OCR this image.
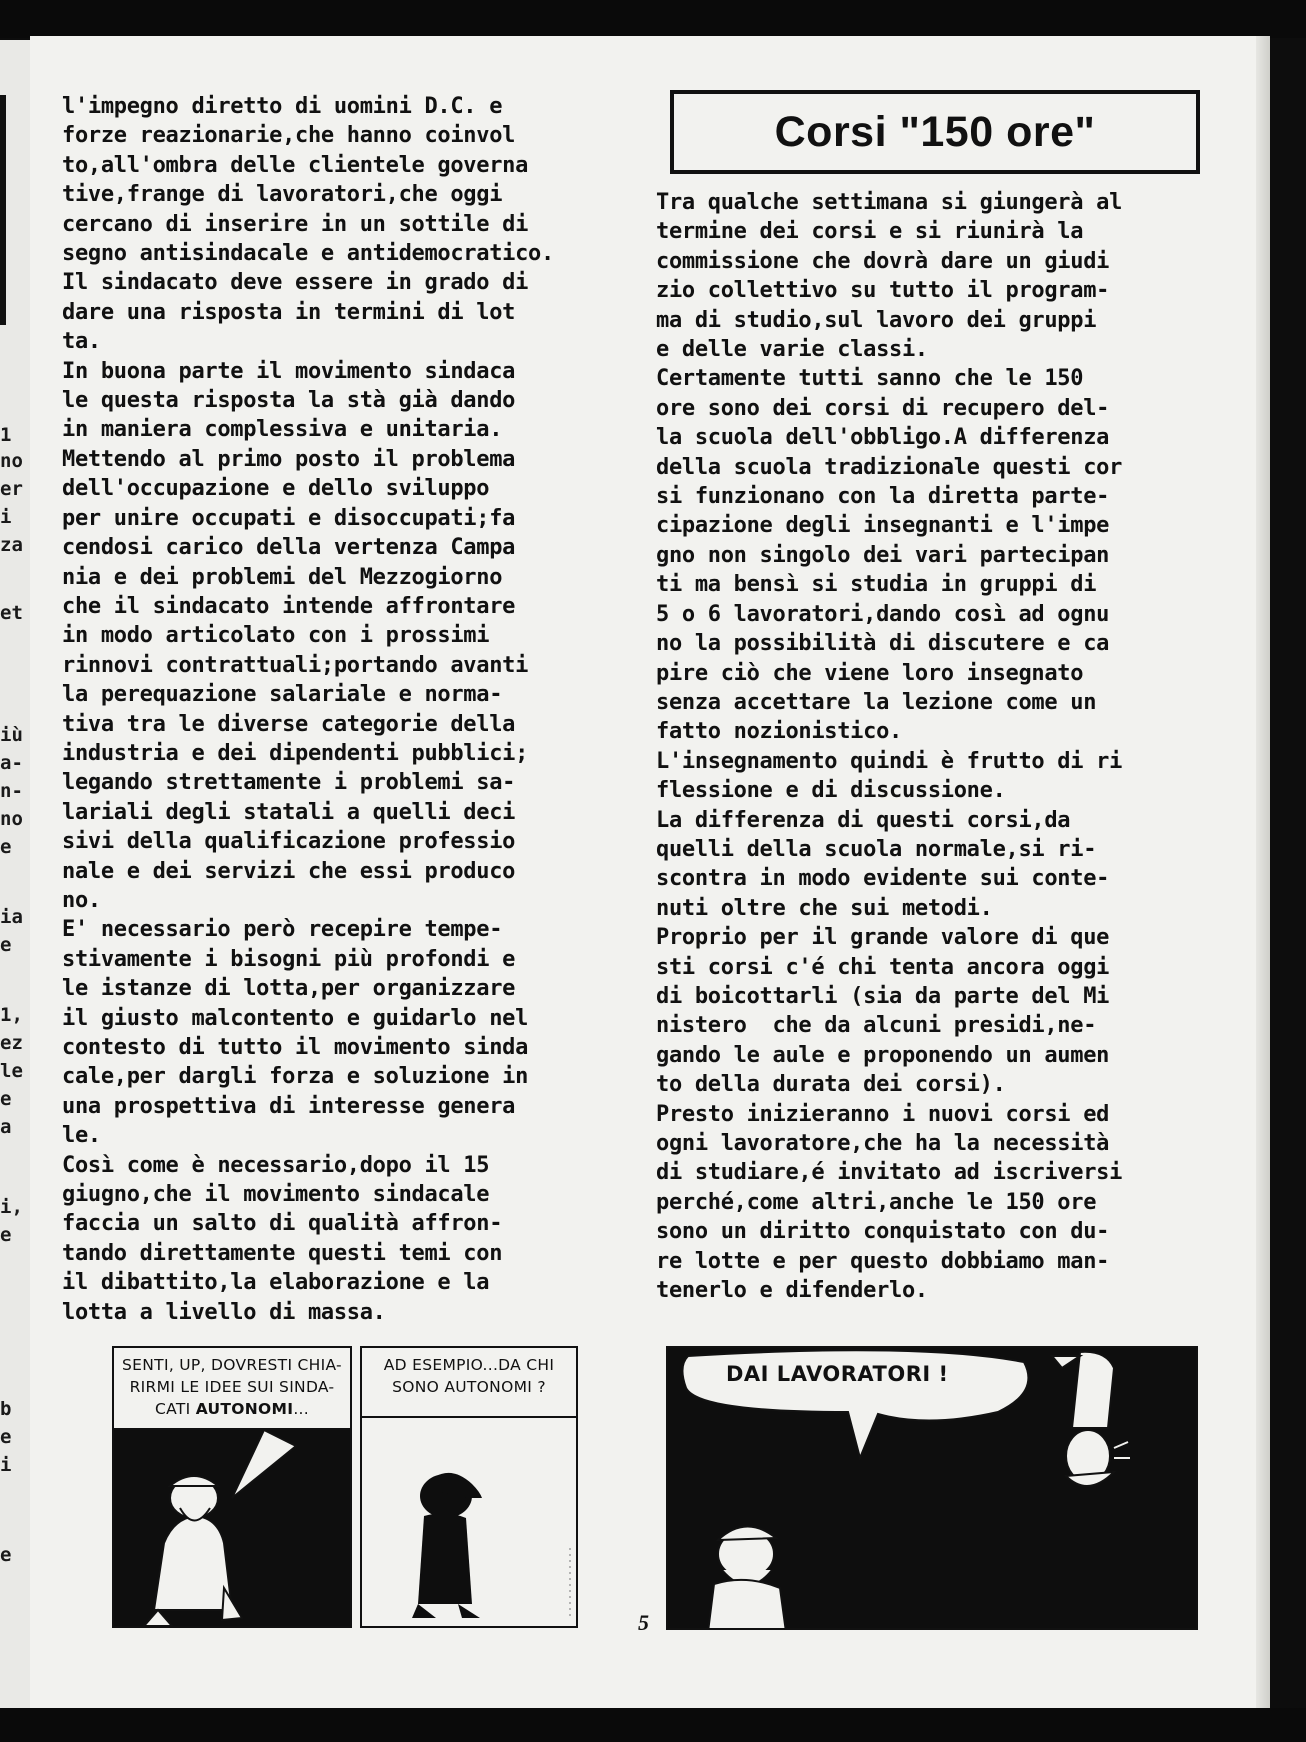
1
no
er
i
za
et
iù
a-
n-
no
e
ia
e
1,
ez
le
e
a
i,
e
b
e
i
e

l'impegno diretto di uomini D.C. e

forze reazionarie,che hanno coinvol

to,all'ombra delle clientele governa

tive,frange di lavoratori,che oggi

cercano di inserire in un sottile di

segno antisindacale e antidemocratico.

Il sindacato deve essere in grado di

dare una risposta in termini di lot

ta.

In buona parte il movimento sindaca

le questa risposta la stà già dando

in maniera complessiva e unitaria.

Mettendo al primo posto il problema

dell'occupazione e dello sviluppo

per unire occupati e disoccupati;fa

cendosi carico della vertenza Campa

nia e dei problemi del Mezzogiorno

che il sindacato intende affrontare

in modo articolato con i prossimi

rinnovi contrattuali;portando avanti

la perequazione salariale e norma-

tiva tra le diverse categorie della

industria e dei dipendenti pubblici;

legando strettamente i problemi sa-

lariali degli statali a quelli deci

sivi della qualificazione professio

nale e dei servizi che essi produco

no.

E' necessario però recepire tempe-

stivamente i bisogni più profondi e

le istanze di lotta,per organizzare

il giusto malcontento e guidarlo nel

contesto di tutto il movimento sinda

cale,per dargli forza e soluzione in

una prospettiva di interesse genera

le.

Così come è necessario,dopo il 15

giugno,che il movimento sindacale

faccia un salto di qualità affron-

tando direttamente questi temi con

il dibattito,la elaborazione e la

lotta a livello di massa.

Corsi "150 ore"

Tra qualche settimana si giungerà al

termine dei corsi e si riunirà la

commissione che dovrà dare un giudi

zio collettivo su tutto il program-

ma di studio,sul lavoro dei gruppi

e delle varie classi.

Certamente tutti sanno che le 150

ore sono dei corsi di recupero del-

la scuola dell'obbligo.A differenza

della scuola tradizionale questi cor

si funzionano con la diretta parte-

cipazione degli insegnanti e l'impe

gno non singolo dei vari partecipan

ti ma bensì si studia in gruppi di

5 o 6 lavoratori,dando così ad ognu

no la possibilità di discutere e ca

pire ciò che viene loro insegnato

senza accettare la lezione come un

fatto nozionistico.

L'insegnamento quindi è frutto di ri

flessione e di discussione.

La differenza di questi corsi,da

quelli della scuola normale,si ri-

scontra in modo evidente sui conte-

nuti oltre che sui metodi.

Proprio per il grande valore di que

sti corsi c'é chi tenta ancora oggi

di boicottarli (sia da parte del Mi

nistero  che da alcuni presidi,ne-

gando le aule e proponendo un aumen

to della durata dei corsi).

Presto inizieranno i nuovi corsi ed

ogni lavoratore,che ha la necessità

di studiare,é invitato ad iscriversi

perché,come altri,anche le 150 ore

sono un diritto conquistato con du-

re lotte e per questo dobbiamo man-

tenerlo e difenderlo.

SENTI, UP, DOVRESTI CHIA-
RIRMI LE IDEE SUI SINDA-
CATI AUTONOMI...
AD ESEMPIO...DA CHI
SONO AUTONOMI ?
DAI LAVORATORI !
5
